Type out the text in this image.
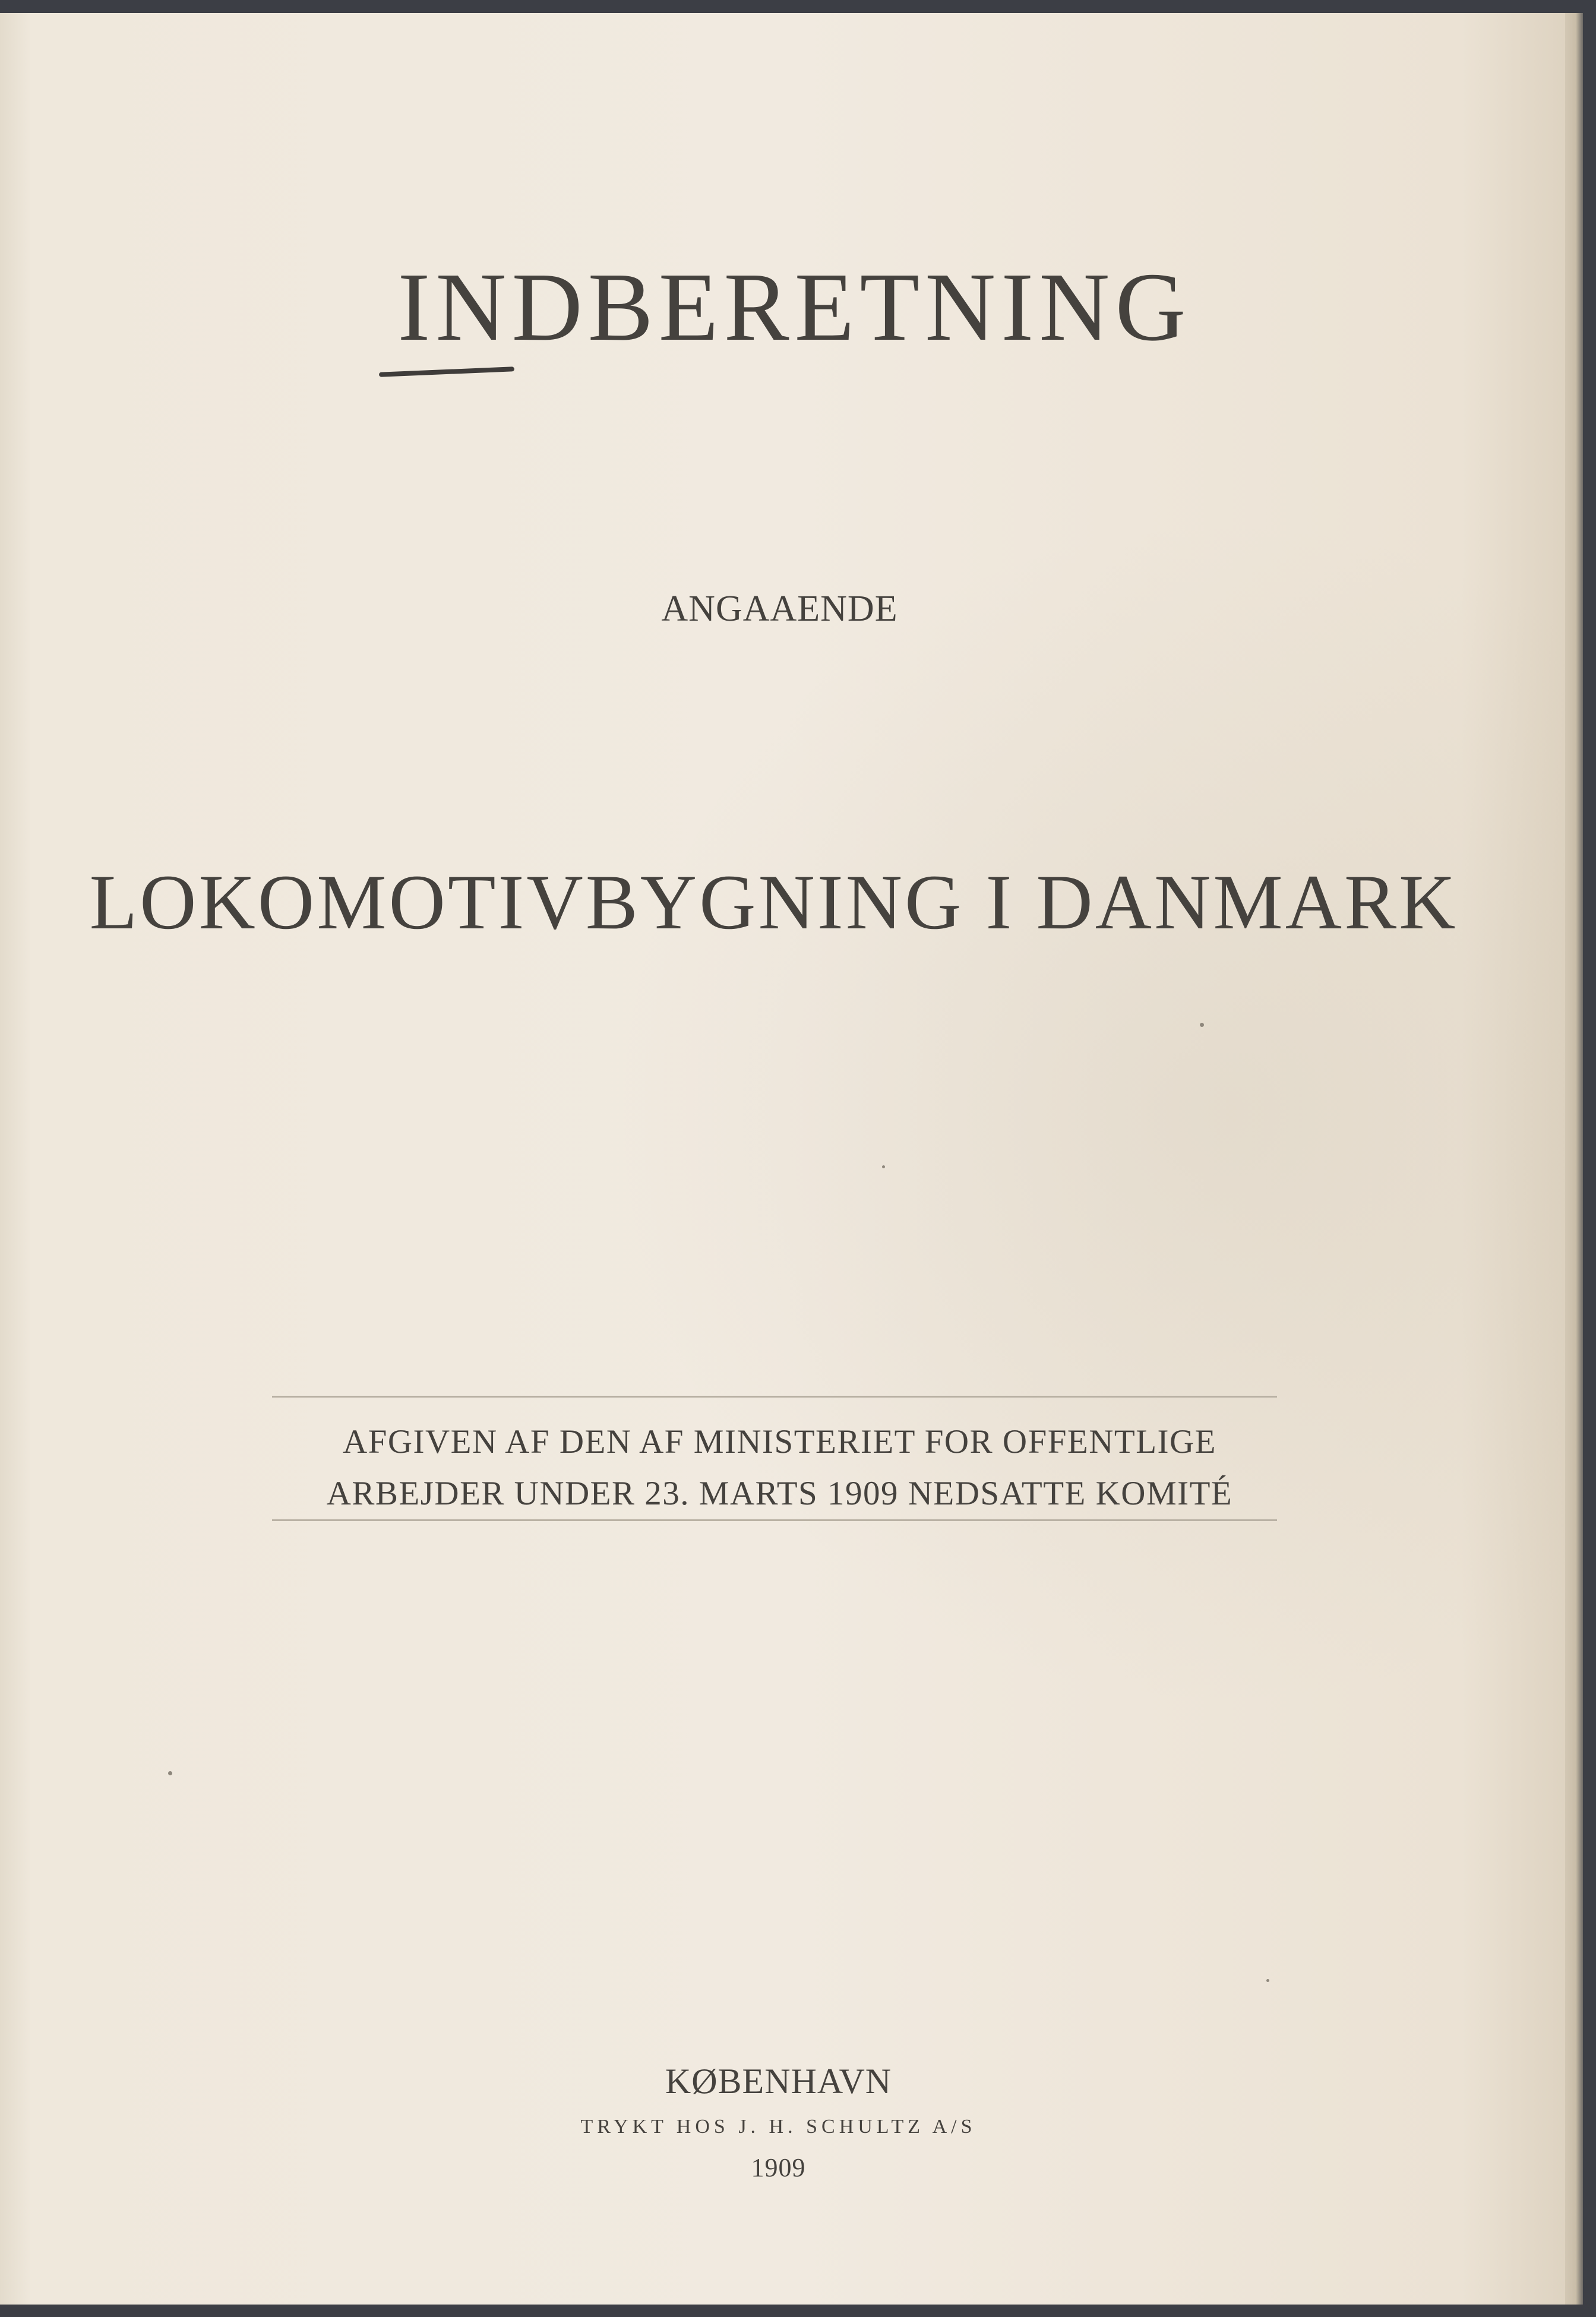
INDBERETNING
ANGAAENDE
LOKOMOTIVBYGNING I DANMARK
AFGIVEN AF DEN AF MINISTERIET FOR OFFENTLIGE
ARBEJDER UNDER 23. MARTS 1909 NEDSATTE KOMITÉ
KØBENHAVN
TRYKT HOS J. H. SCHULTZ A/S
1909
